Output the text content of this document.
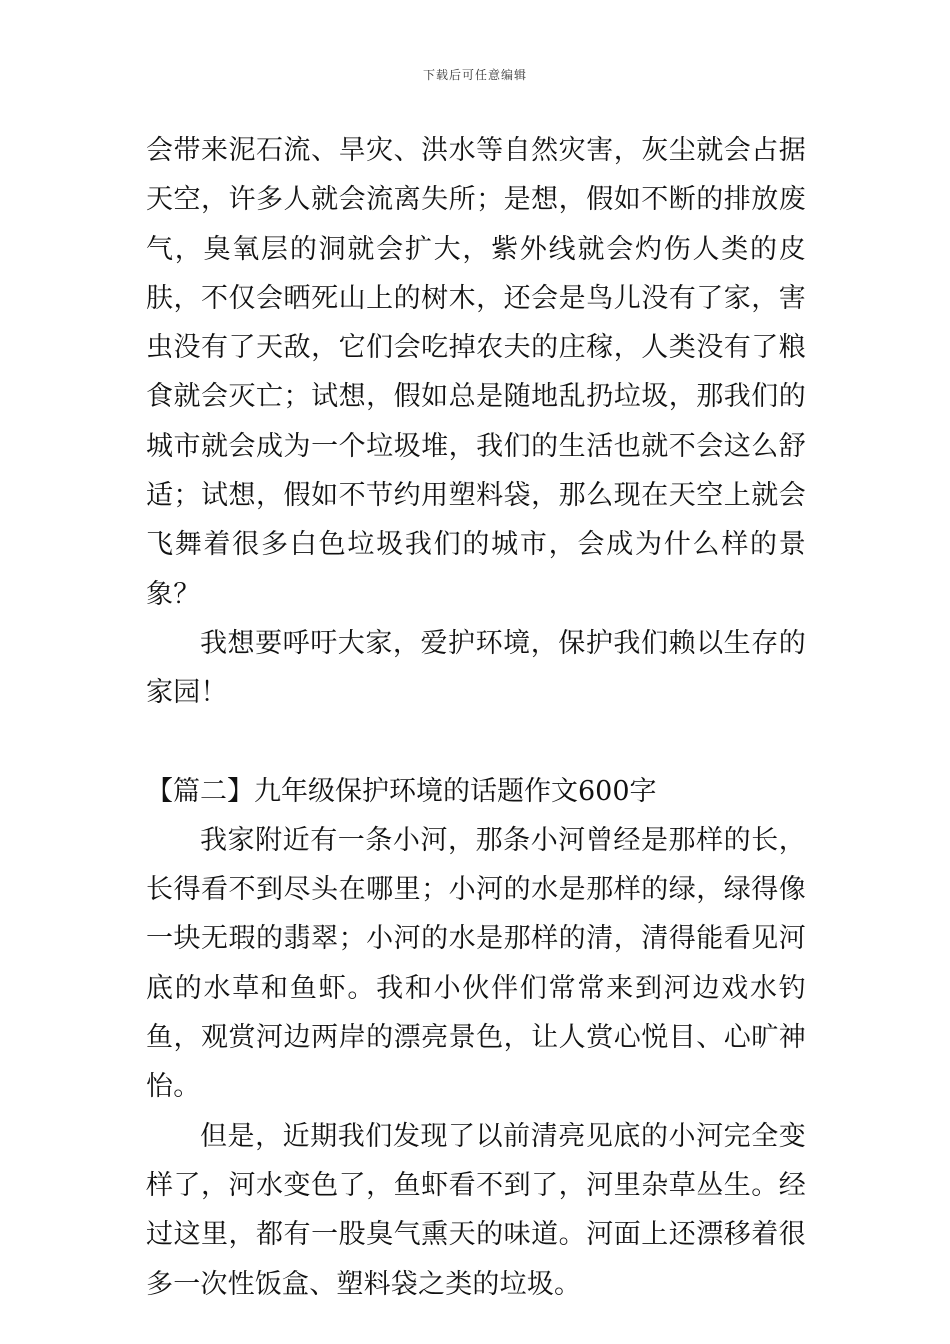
下载后可任意编辑

会带来泥石流、旱灾、洪水等自然灾害，灰尘就会占据天空，许多人就会流离失所；是想，假如不断的排放废气，臭氧层的洞就会扩大，紫外线就会灼伤人类的皮肤，不仅会晒死山上的树木，还会是鸟儿没有了家，害虫没有了天敌，它们会吃掉农夫的庄稼，人类没有了粮食就会灭亡；试想，假如总是随地乱扔垃圾，那我们的城市就会成为一个垃圾堆，我们的生活也就不会这么舒适；试想，假如不节约用塑料袋，那么现在天空上就会飞舞着很多白色垃圾我们的城市，会成为什么样的景象？

我想要呼吁大家，爱护环境，保护我们赖以生存的家园！

【篇二】九年级保护环境的话题作文600字

我家附近有一条小河，那条小河曾经是那样的长，长得看不到尽头在哪里；小河的水是那样的绿，绿得像一块无瑕的翡翠；小河的水是那样的清，清得能看见河底的水草和鱼虾。我和小伙伴们常常来到河边戏水钓鱼，观赏河边两岸的漂亮景色，让人赏心悦目、心旷神怡。

但是，近期我们发现了以前清亮见底的小河完全变样了，河水变色了，鱼虾看不到了，河里杂草丛生。经过这里，都有一股臭气熏天的味道。河面上还漂移着很多一次性饭盒、塑料袋之类的垃圾。
